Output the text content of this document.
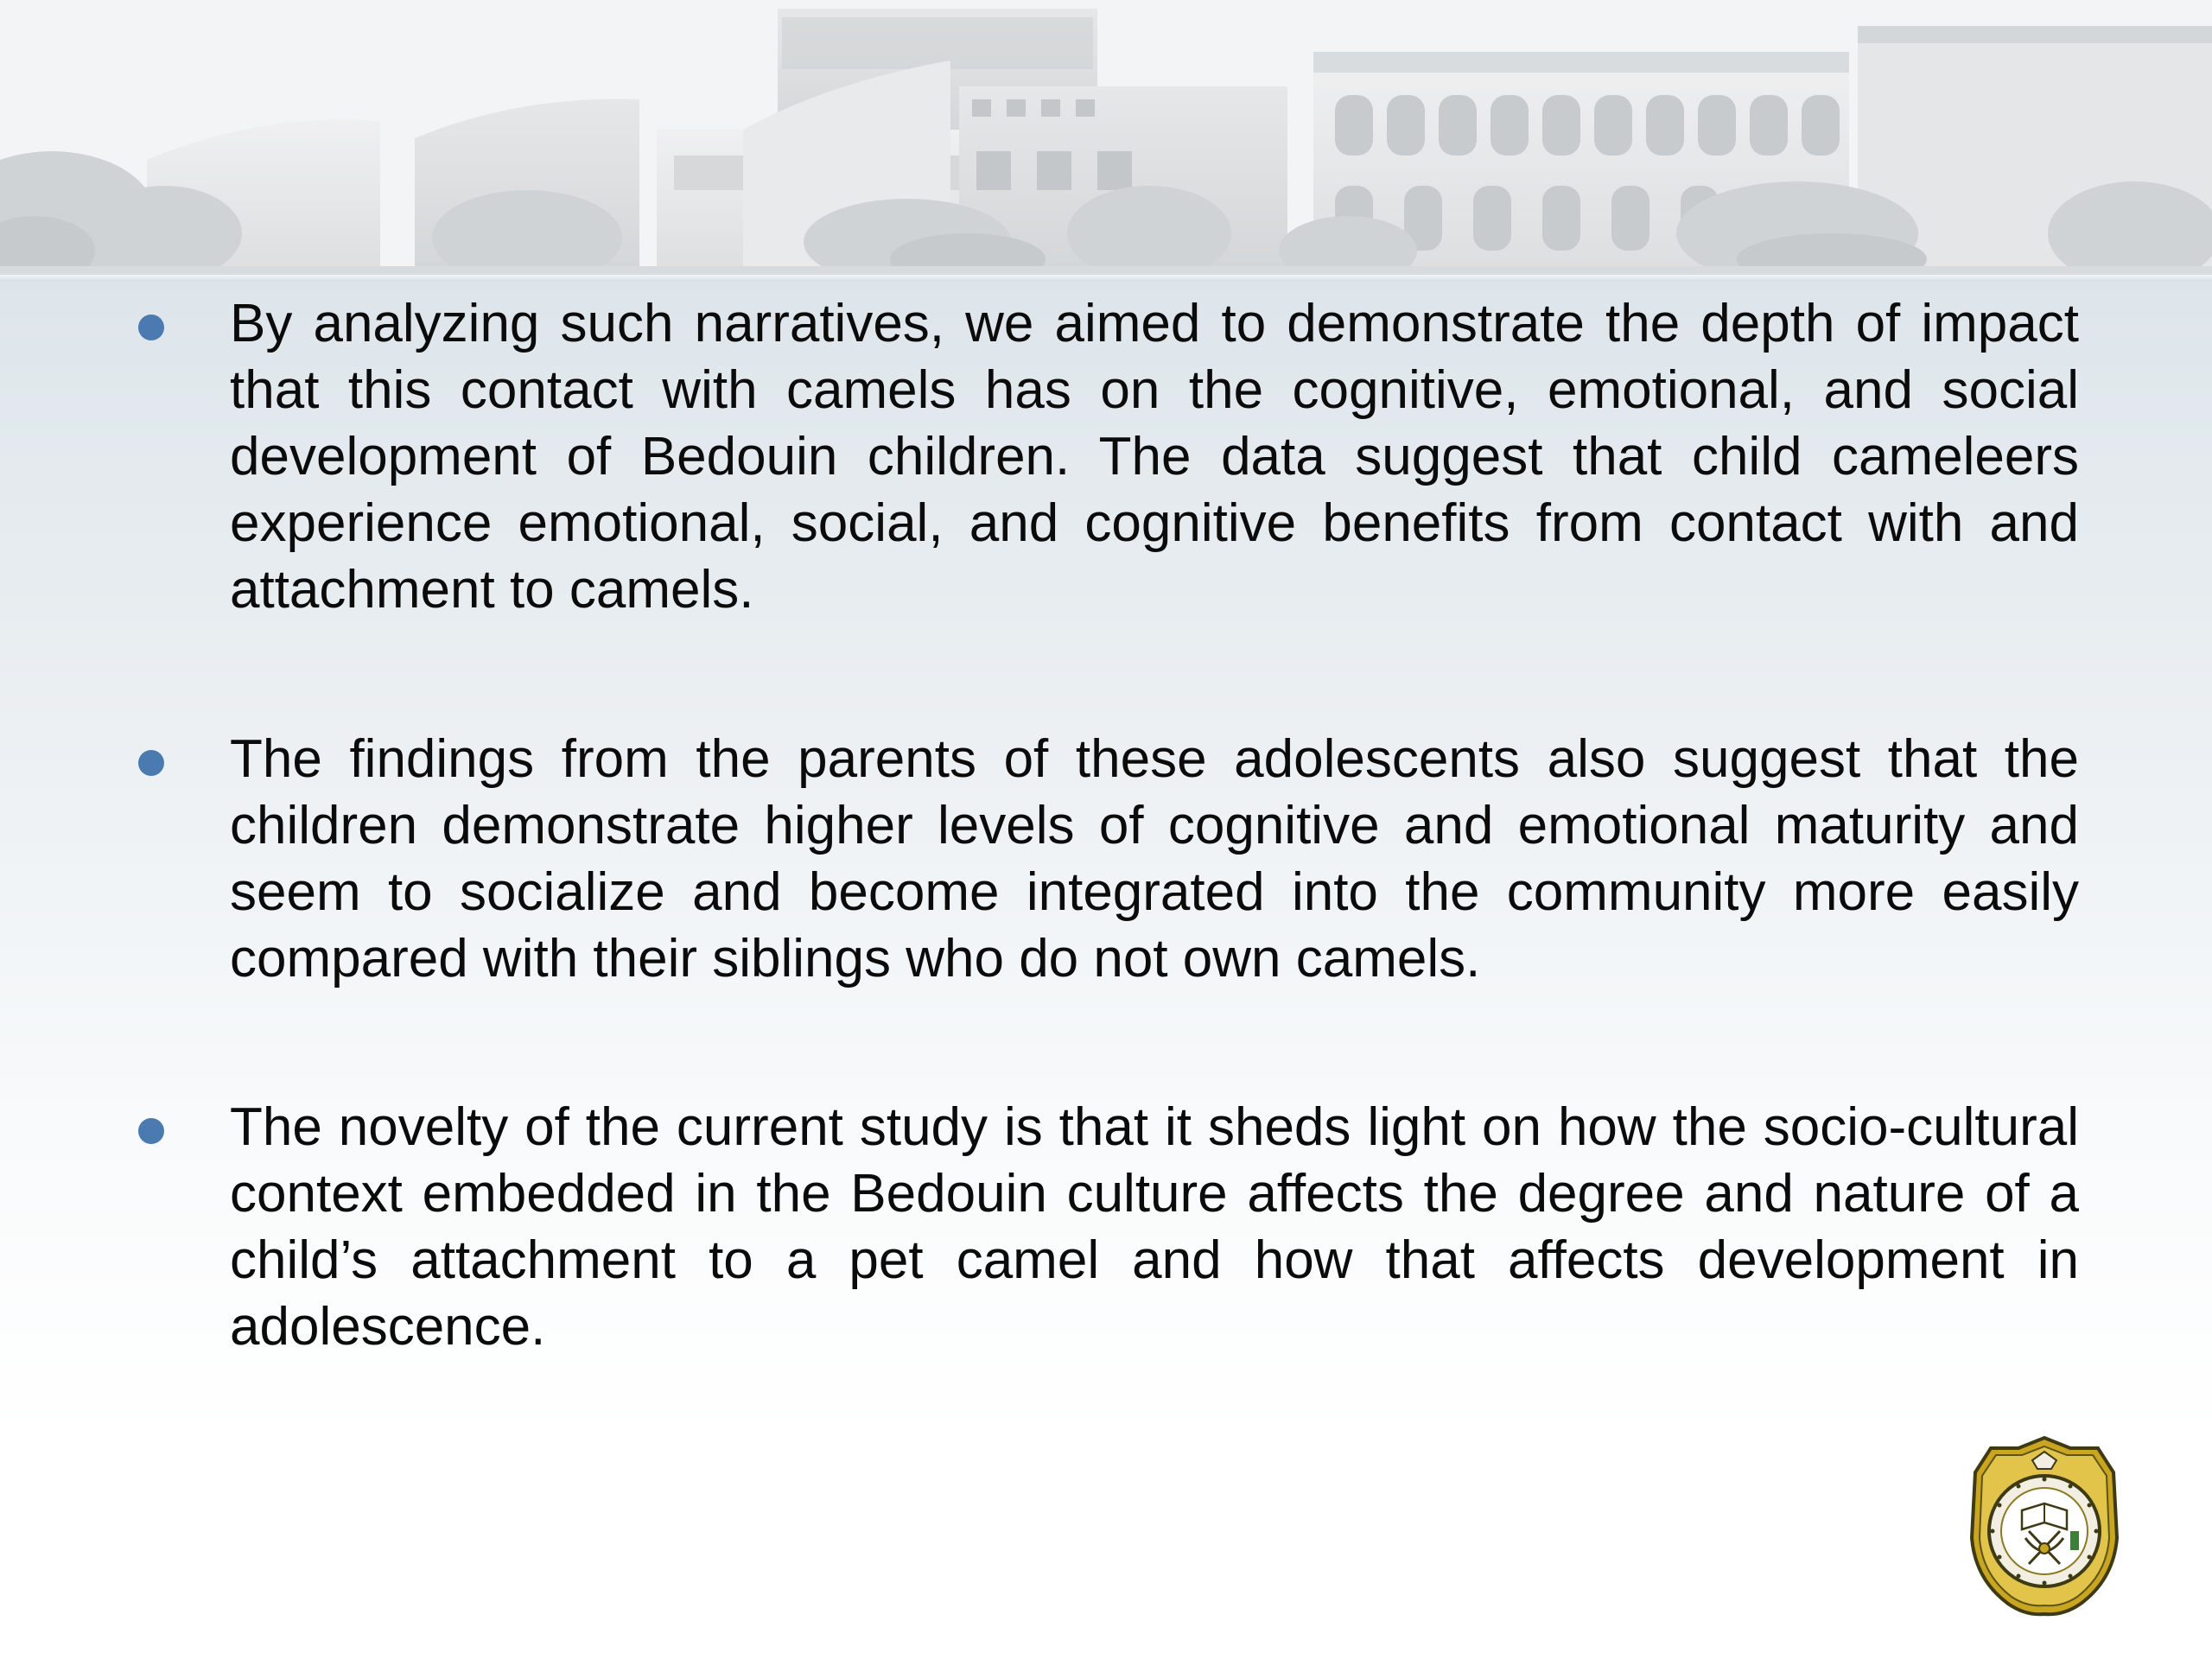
By analyzing such narratives, we aimed to demonstrate the depth of impact that this contact with camels has on the cognitive, emotional, and social development of Bedouin children. The data suggest that child cameleers experience emotional, social, and cognitive benefits from contact with and attachment to camels.

The findings from the parents of these adolescents also suggest that the children demonstrate higher levels of cognitive and emotional maturity and seem to socialize and become integrated into the community more easily compared with their siblings who do not own camels.

The novelty of the current study is that it sheds light on how the socio-cultural context embedded in the Bedouin culture affects the degree and nature of a child’s attachment to a pet camel and how that affects development in adolescence.
